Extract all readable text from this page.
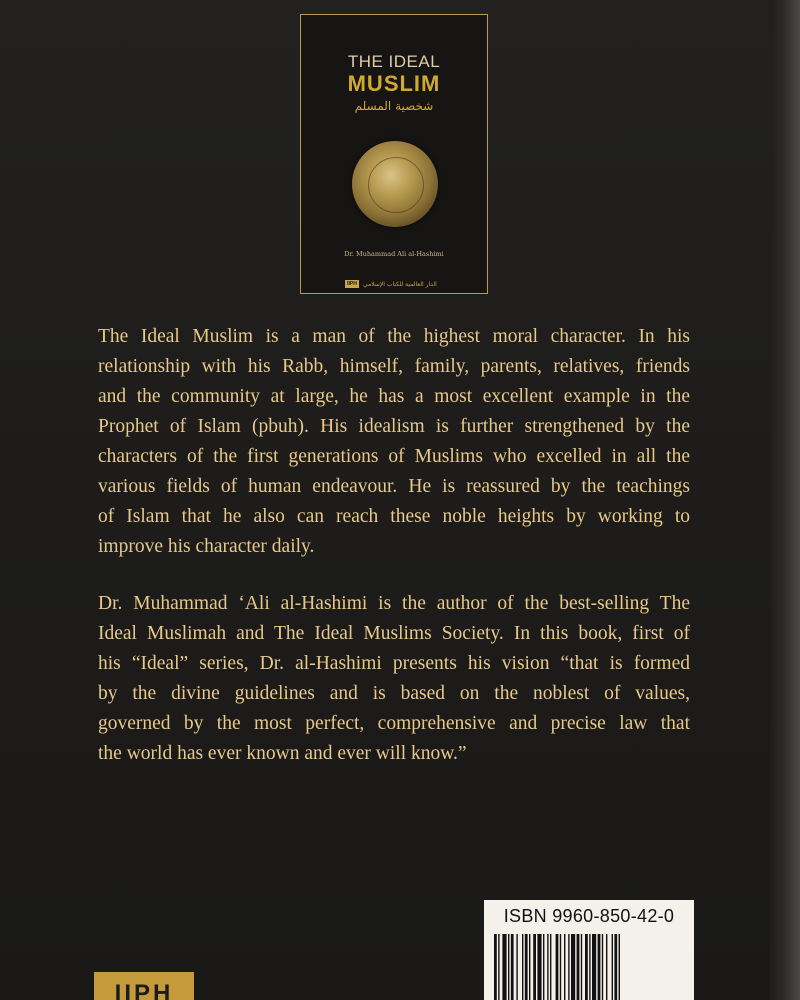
THE IDEAL
MUSLIM
شخصية المسلم
Dr. Muhammad Ali al-Hashimi
IIPH	الدار العالمية للكتاب الإسلامي
The Ideal Muslim is a man of the highest moral character. In his
relationship with his Rabb, himself, family, parents, relatives, friends
and the community at large, he has a most excellent example in the
Prophet of Islam (pbuh). His idealism is further strengthened by the
characters of the first generations of Muslims who excelled in all the
various fields of human endeavour. He is reassured by the teachings
of Islam that he also can reach these noble heights by working to
improve his character daily.
Dr. Muhammad ‘Ali al-Hashimi is the author of the best-selling The
Ideal Muslimah and The Ideal Muslims Society. In this book, first of
his “Ideal” series, Dr. al-Hashimi presents his vision “that is formed
by the divine guidelines and is based on the noblest of values,
governed by the most perfect, comprehensive and precise law that
the world has ever known and ever will know.”
ISBN 9960-850-42-0
IIPH
